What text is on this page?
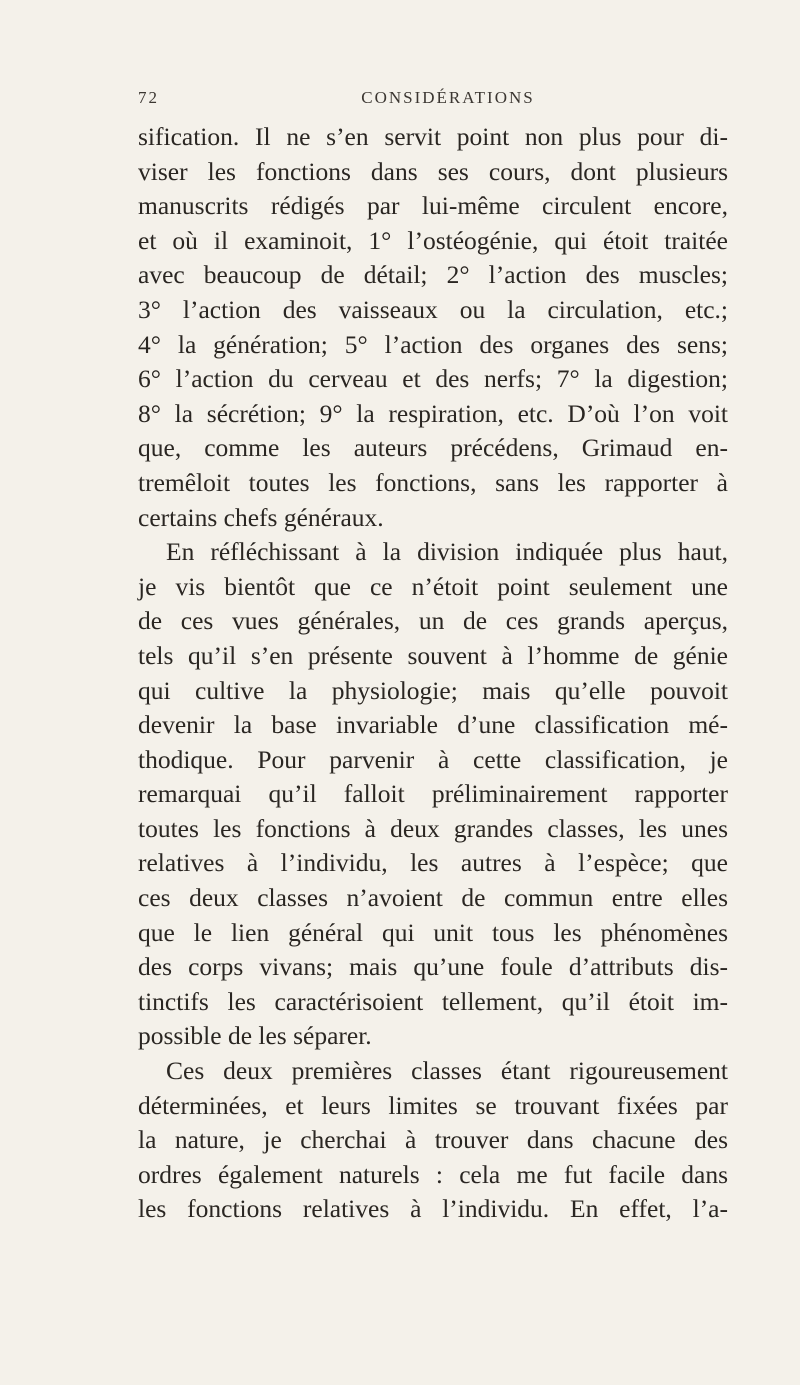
72	CONSIDÉRATIONS
sification. Il ne s’en servit point non plus pour di-
viser les fonctions dans ses cours, dont plusieurs
manuscrits rédigés par lui-même circulent encore,
et où il examinoit, 1° l’ostéogénie, qui étoit traitée
avec beaucoup de détail; 2° l’action des muscles;
3° l’action des vaisseaux ou la circulation, etc.;
4° la génération; 5° l’action des organes des sens;
6° l’action du cerveau et des nerfs; 7° la digestion;
8° la sécrétion; 9° la respiration, etc. D’où l’on voit
que, comme les auteurs précédens, Grimaud en-
tremêloit toutes les fonctions, sans les rapporter à
certains chefs généraux.
En réfléchissant à la division indiquée plus haut,
je vis bientôt que ce n’étoit point seulement une
de ces vues générales, un de ces grands aperçus,
tels qu’il s’en présente souvent à l’homme de génie
qui cultive la physiologie; mais qu’elle pouvoit
devenir la base invariable d’une classification mé-
thodique. Pour parvenir à cette classification, je
remarquai qu’il falloit préliminairement rapporter
toutes les fonctions à deux grandes classes, les unes
relatives à l’individu, les autres à l’espèce; que
ces deux classes n’avoient de commun entre elles
que le lien général qui unit tous les phénomènes
des corps vivans; mais qu’une foule d’attributs dis-
tinctifs les caractérisoient tellement, qu’il étoit im-
possible de les séparer.
Ces deux premières classes étant rigoureusement
déterminées, et leurs limites se trouvant fixées par
la nature, je cherchai à trouver dans chacune des
ordres également naturels : cela me fut facile dans
les fonctions relatives à l’individu. En effet, l’a-
